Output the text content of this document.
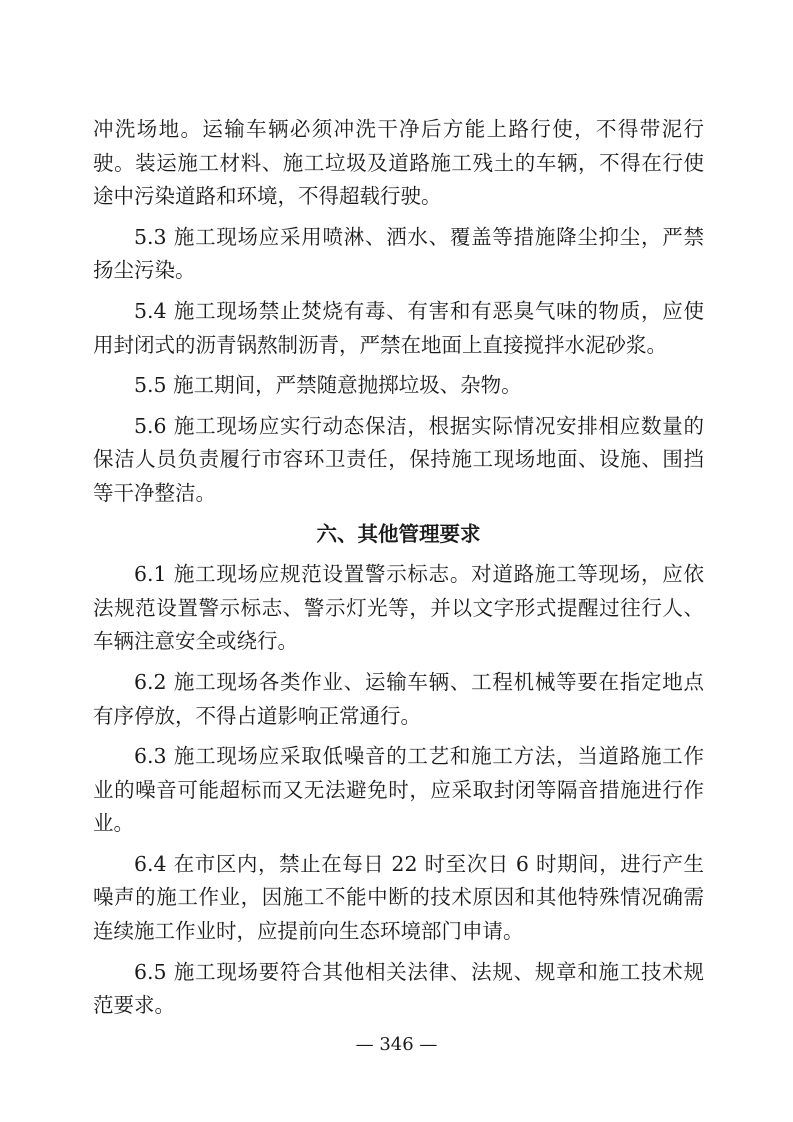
冲洗场地。运输车辆必须冲洗干净后方能上路行使，不得带泥行驶。装运施工材料、施工垃圾及道路施工残土的车辆，不得在行使途中污染道路和环境，不得超载行驶。

5.3 施工现场应采用喷淋、洒水、覆盖等措施降尘抑尘，严禁扬尘污染。

5.4 施工现场禁止焚烧有毒、有害和有恶臭气味的物质，应使用封闭式的沥青锅熬制沥青，严禁在地面上直接搅拌水泥砂浆。

5.5 施工期间，严禁随意抛掷垃圾、杂物。

5.6 施工现场应实行动态保洁，根据实际情况安排相应数量的保洁人员负责履行市容环卫责任，保持施工现场地面、设施、围挡等干净整洁。

六、其他管理要求

6.1 施工现场应规范设置警示标志。对道路施工等现场，应依法规范设置警示标志、警示灯光等，并以文字形式提醒过往行人、车辆注意安全或绕行。

6.2 施工现场各类作业、运输车辆、工程机械等要在指定地点有序停放，不得占道影响正常通行。

6.3 施工现场应采取低噪音的工艺和施工方法，当道路施工作业的噪音可能超标而又无法避免时，应采取封闭等隔音措施进行作业。

6.4 在市区内，禁止在每日 22 时至次日 6 时期间，进行产生噪声的施工作业，因施工不能中断的技术原因和其他特殊情况确需连续施工作业时，应提前向生态环境部门申请。

6.5 施工现场要符合其他相关法律、法规、规章和施工技术规范要求。

— 346 —
